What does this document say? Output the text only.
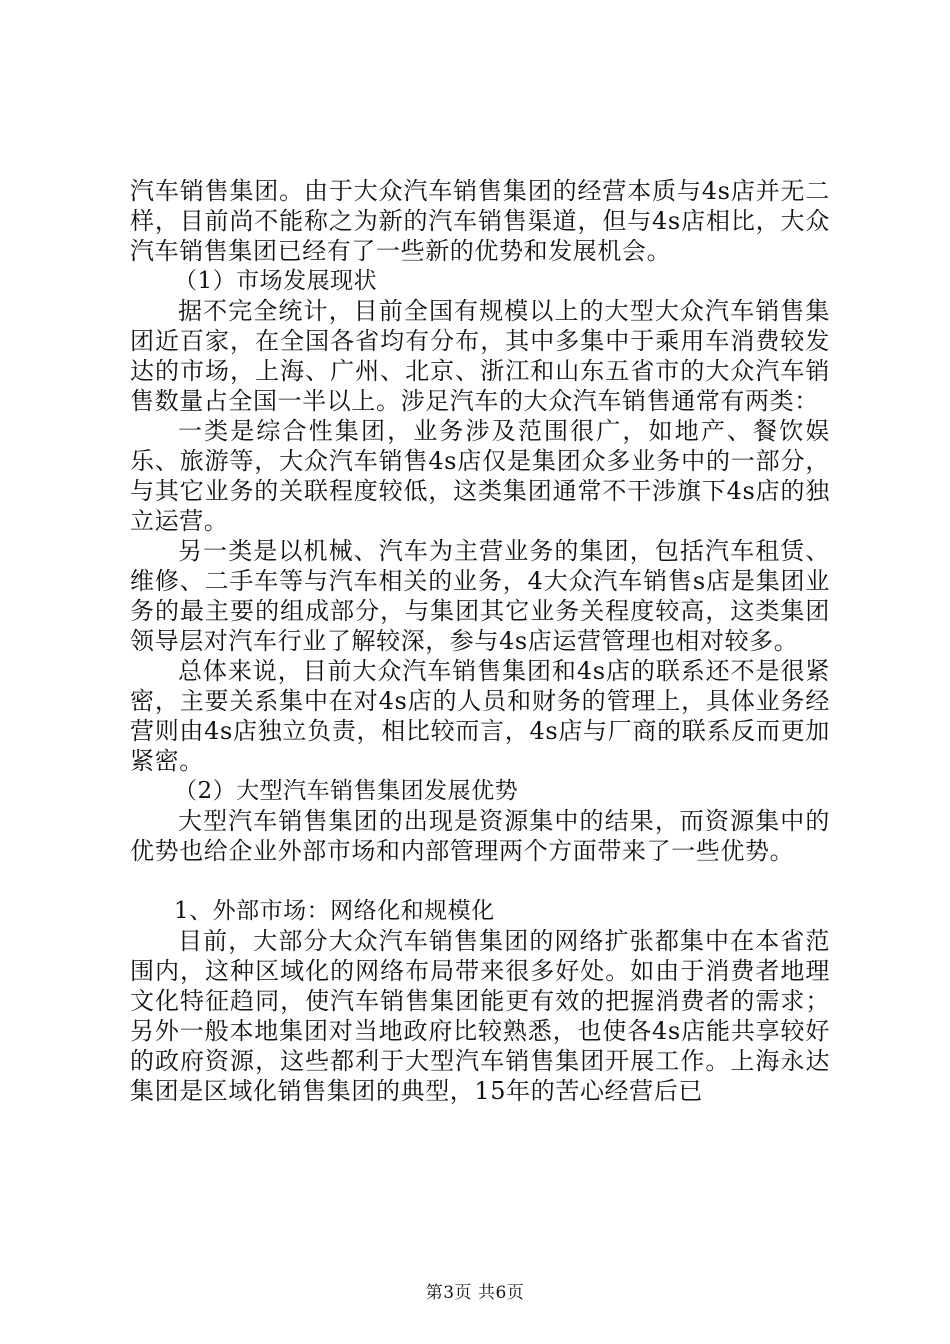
汽车销售集团。由于大众汽车销售集团的经营本质与4s店并无二样，目前尚不能称之为新的汽车销售渠道，但与4s店相比，大众汽车销售集团已经有了一些新的优势和发展机会。

（1）市场发展现状

据不完全统计，目前全国有规模以上的大型大众汽车销售集团近百家，在全国各省均有分布，其中多集中于乘用车消费较发达的市场，上海、广州、北京、浙江和山东五省市的大众汽车销售数量占全国一半以上。涉足汽车的大众汽车销售通常有两类：

一类是综合性集团，业务涉及范围很广，如地产、餐饮娱乐、旅游等，大众汽车销售4s店仅是集团众多业务中的一部分，与其它业务的关联程度较低，这类集团通常不干涉旗下4s店的独立运营。

另一类是以机械、汽车为主营业务的集团，包括汽车租赁、维修、二手车等与汽车相关的业务，4大众汽车销售s店是集团业务的最主要的组成部分，与集团其它业务关程度较高，这类集团领导层对汽车行业了解较深，参与4s店运营管理也相对较多。

总体来说，目前大众汽车销售集团和4s店的联系还不是很紧密，主要关系集中在对4s店的人员和财务的管理上，具体业务经营则由4s店独立负责，相比较而言，4s店与厂商的联系反而更加紧密。

（2）大型汽车销售集团发展优势

大型汽车销售集团的出现是资源集中的结果，而资源集中的优势也给企业外部市场和内部管理两个方面带来了一些优势。

1、外部市场：网络化和规模化

目前，大部分大众汽车销售集团的网络扩张都集中在本省范围内，这种区域化的网络布局带来很多好处。如由于消费者地理文化特征趋同，使汽车销售集团能更有效的把握消费者的需求；另外一般本地集团对当地政府比较熟悉，也使各4s店能共享较好的政府资源，这些都利于大型汽车销售集团开展工作。上海永达集团是区域化销售集团的典型，15年的苦心经营后已

第3页 共6页
